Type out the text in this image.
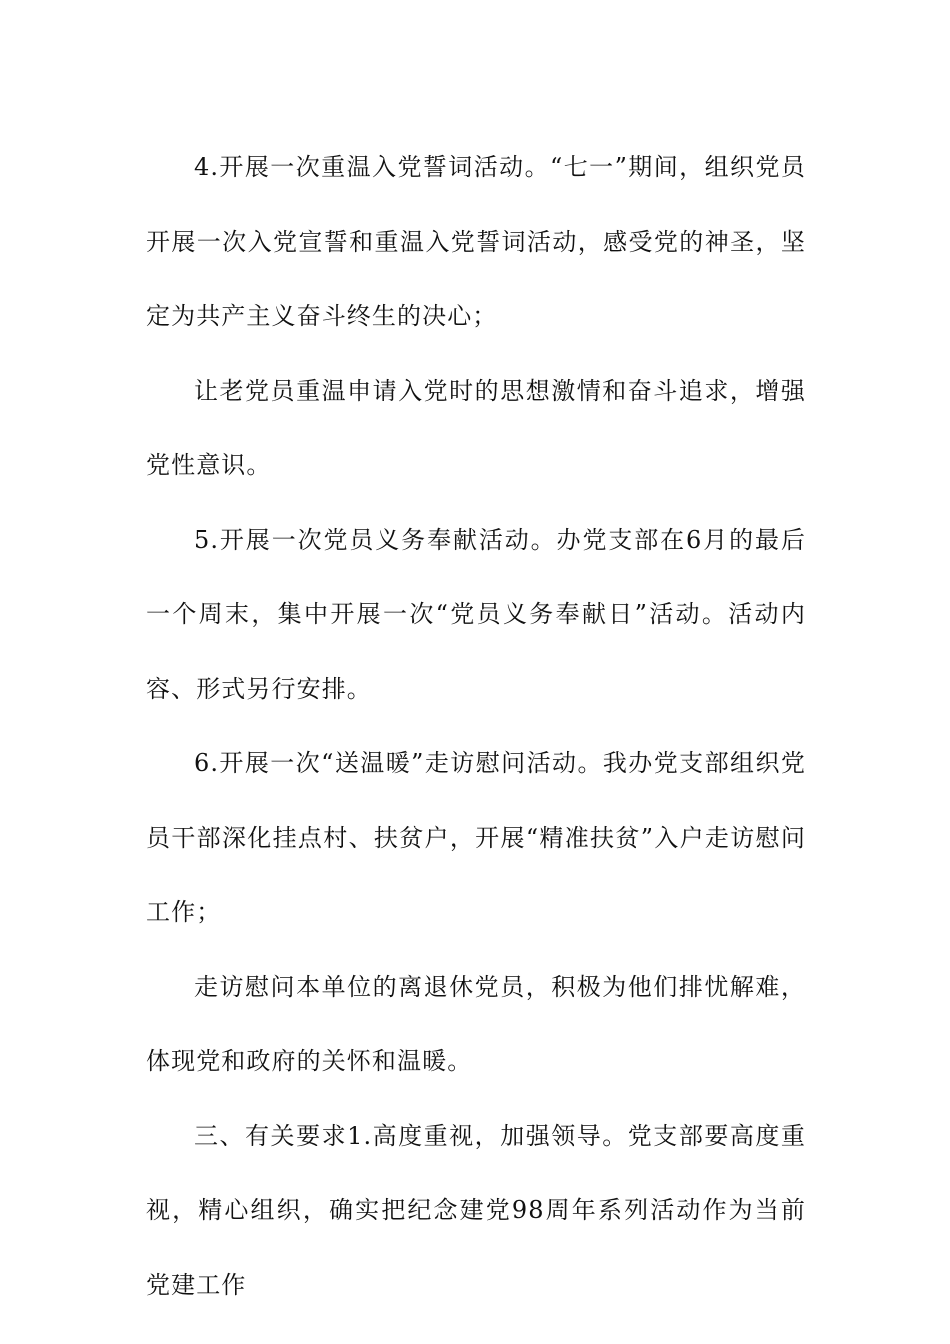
4.开展一次重温入党誓词活动。“七一”期间，组织党员开展一次入党宣誓和重温入党誓词活动，感受党的神圣，坚定为共产主义奋斗终生的决心；

让老党员重温申请入党时的思想激情和奋斗追求，增强党性意识。

5.开展一次党员义务奉献活动。办党支部在6月的最后一个周末，集中开展一次“党员义务奉献日”活动。活动内容、形式另行安排。

6.开展一次“送温暖”走访慰问活动。我办党支部组织党员干部深化挂点村、扶贫户，开展“精准扶贫”入户走访慰问工作；

走访慰问本单位的离退休党员，积极为他们排忧解难，体现党和政府的关怀和温暖。

三、有关要求1.高度重视，加强领导。党支部要高度重视，精心组织，确实把纪念建党98周年系列活动作为当前党建工作
